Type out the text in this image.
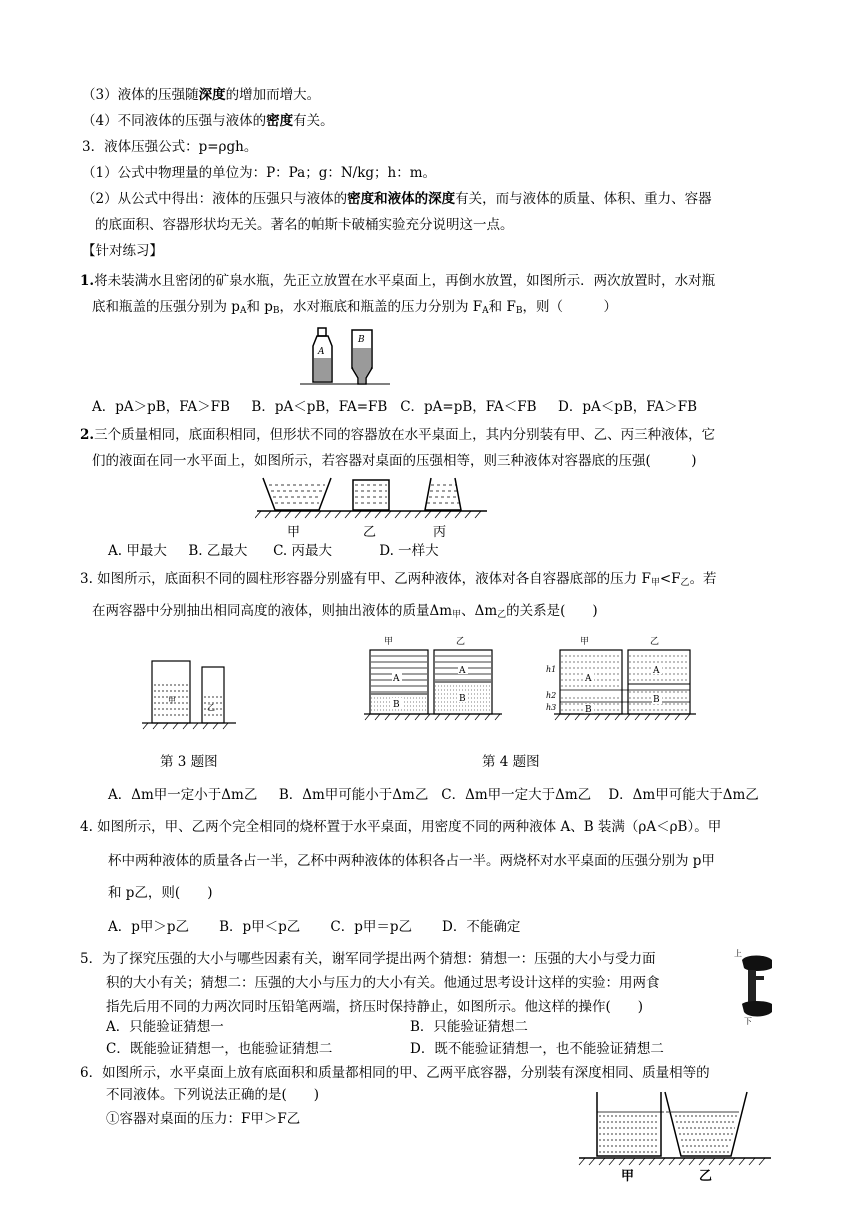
（3）液体的压强随深度的增加而增大。
（4）不同液体的压强与液体的密度有关。
3．液体压强公式：p=ρgh。
（1）公式中物理量的单位为：P：Pa；g：N/kg；h：m。
（2）从公式中得出：液体的压强只与液体的密度和液体的深度有关，而与液体的质量、体积、重力、容器
的底面积、容器形状均无关。著名的帕斯卡破桶实验充分说明这一点。
【针对练习】
1.将未装满水且密闭的矿泉水瓶，先正立放置在水平桌面上，再倒水放置，如图所示．两次放置时，水对瓶
底和瓶盖的压强分别为 $p_A$和 $p_B$，水对瓶底和瓶盖的压力分别为 $F_A$和 $F_B$，则（　　　）
A
B
A．pA＞pB，FA＞FB B．pA＜pB，FA=FB C．pA=pB，FA＜FB D．pA＜pB，FA＞FB
2.三个质量相同，底面积相同，但形状不同的容器放在水平桌面上，其内分别装有甲、乙、丙三种液体，它
们的液面在同一水平面上，如图所示，若容器对桌面的压强相等，则三种液体对容器底的压强(　　　)
甲	乙	丙
A. 甲最大 B. 乙最大 C. 丙最大	D. 一样大
3. 如图所示，底面积不同的圆柱形容器分别盛有甲、乙两种液体，液体对各自容器底部的压力 $F_甲<F_乙$。若
在两容器中分别抽出相同高度的液体，则抽出液体的质量$\Delta m_甲$、$\Delta m_乙$的关系是(　　)
甲
乙
甲	乙
A
A
B
B
甲	乙
h1
h2
h3
A
A
B
B
第 3 题图	第 4 题图
A．Δm甲一定小于Δm乙 B．Δm甲可能小于Δm乙 C．Δm甲一定大于Δm乙 D．Δm甲可能大于Δm乙
4. 如图所示，甲、乙两个完全相同的烧杯置于水平桌面，用密度不同的两种液体 A、B 装满（ρA＜ρB）。甲
杯中两种液体的质量各占一半，乙杯中两种液体的体积各占一半。两烧杯对水平桌面的压强分别为 p甲
和 p乙，则(　　)
A．p甲＞p乙 B．p甲＜p乙 C．p甲＝p乙 D．不能确定
5．为了探究压强的大小与哪些因素有关，谢军同学提出两个猜想：猜想一：压强的大小与受力面
积的大小有关；猜想二：压强的大小与压力的大小有关。他通过思考设计这样的实验：用两食
指先后用不同的力两次同时压铅笔两端，挤压时保持静止，如图所示。他这样的操作(　　)
上
下
A．只能验证猜想一	B．只能验证猜想二
C．既能验证猜想一，也能验证猜想二	D．既不能验证猜想一，也不能验证猜想二
6．如图所示，水平桌面上放有底面积和质量都相同的甲、乙两平底容器，分别装有深度相同、质量相等的
不同液体。下列说法正确的是(　　)
①容器对桌面的压力：F甲＞F乙
甲	乙
